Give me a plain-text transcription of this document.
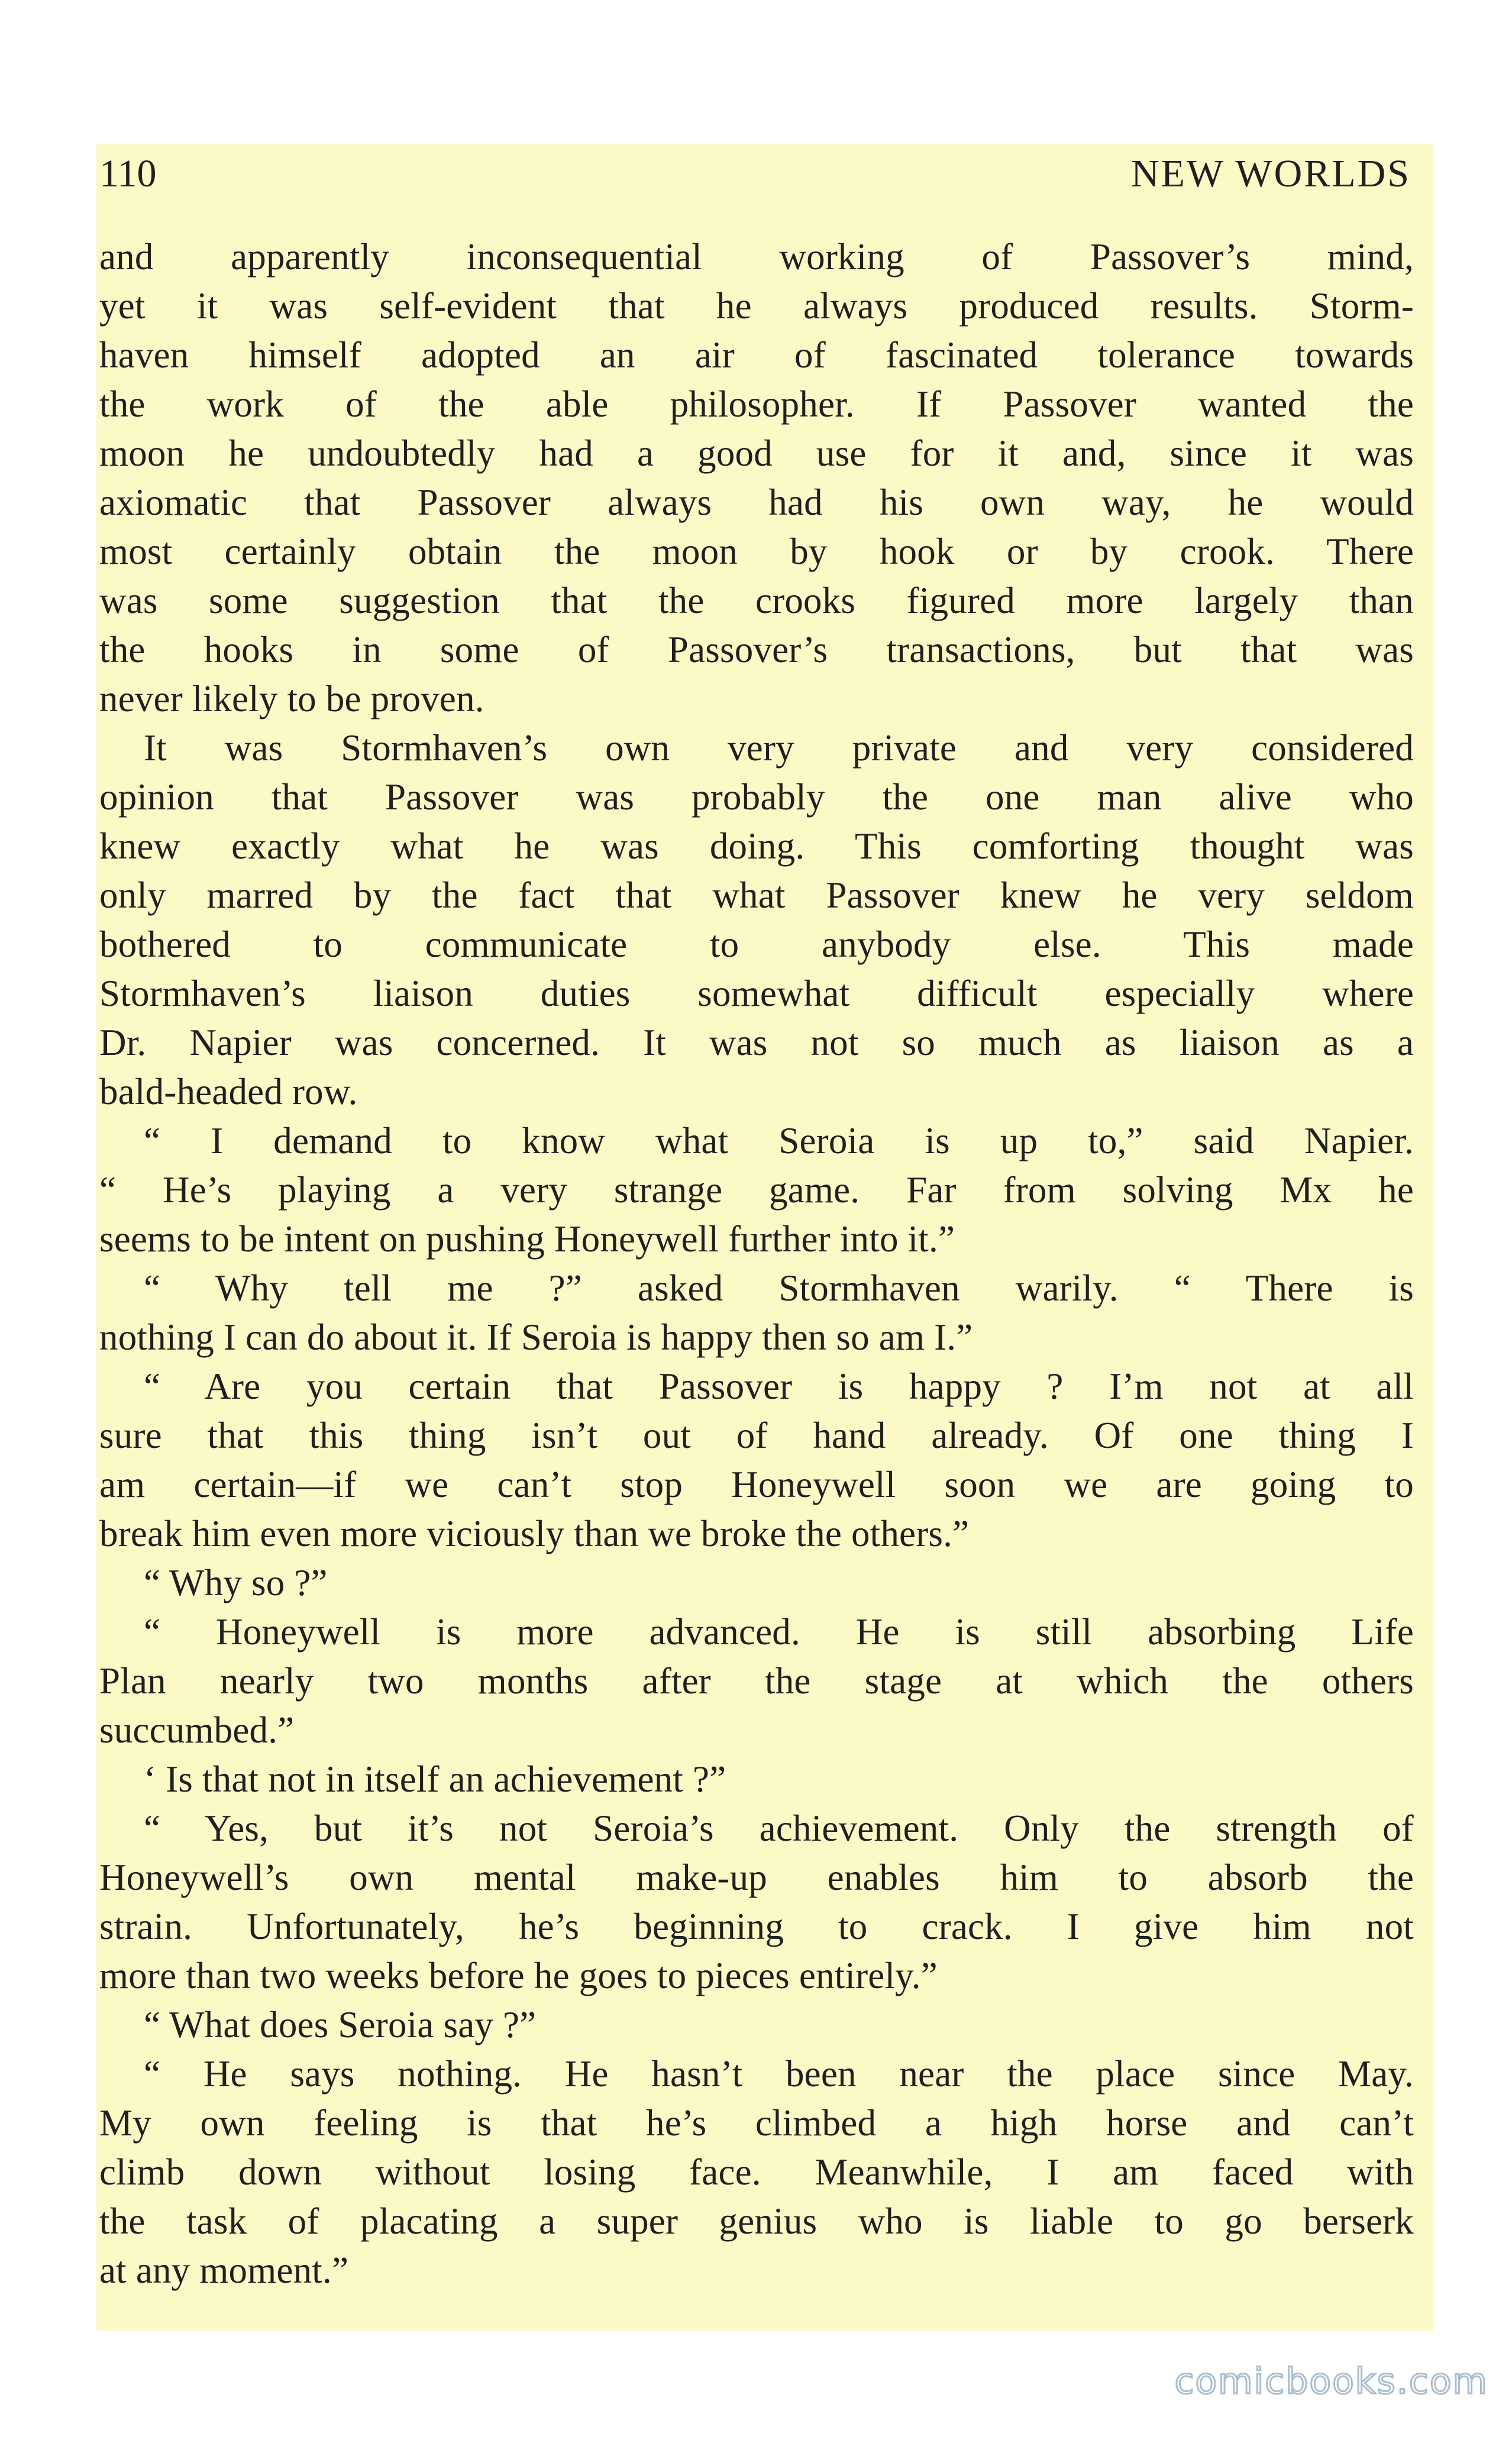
110	NEW WORLDS

and apparently inconsequential working of Passover’s mind,

yet it was self-evident that he always produced results. Storm-

haven himself adopted an air of fascinated tolerance towards

the work of the able philosopher. If Passover wanted the

moon he undoubtedly had a good use for it and, since it was

axiomatic that Passover always had his own way, he would

most certainly obtain the moon by hook or by crook. There

was some suggestion that the crooks figured more largely than

the hooks in some of Passover’s transactions, but that was

never likely to be proven.

It was Stormhaven’s own very private and very considered

opinion that Passover was probably the one man alive who

knew exactly what he was doing. This comforting thought was

only marred by the fact that what Passover knew he very seldom

bothered to communicate to anybody else. This made

Stormhaven’s liaison duties somewhat difficult especially where

Dr. Napier was concerned. It was not so much as liaison as a

bald-headed row.

“ I demand to know what Seroia is up to,” said Napier.

“ He’s playing a very strange game. Far from solving Mx he

seems to be intent on pushing Honeywell further into it.”

“ Why tell me ?” asked Stormhaven warily. “ There is

nothing I can do about it. If Seroia is happy then so am I.”

“ Are you certain that Passover is happy ? I’m not at all

sure that this thing isn’t out of hand already. Of one thing I

am certain—if we can’t stop Honeywell soon we are going to

break him even more viciously than we broke the others.”

“ Why so ?”

“ Honeywell is more advanced. He is still absorbing Life

Plan nearly two months after the stage at which the others

succumbed.”

‘ Is that not in itself an achievement ?”

“ Yes, but it’s not Seroia’s achievement. Only the strength of

Honeywell’s own mental make-up enables him to absorb the

strain. Unfortunately, he’s beginning to crack. I give him not

more than two weeks before he goes to pieces entirely.”

“ What does Seroia say ?”

“ He says nothing. He hasn’t been near the place since May.

My own feeling is that he’s climbed a high horse and can’t

climb down without losing face. Meanwhile, I am faced with

the task of placating a super genius who is liable to go berserk

at any moment.”

comicbooks.com
